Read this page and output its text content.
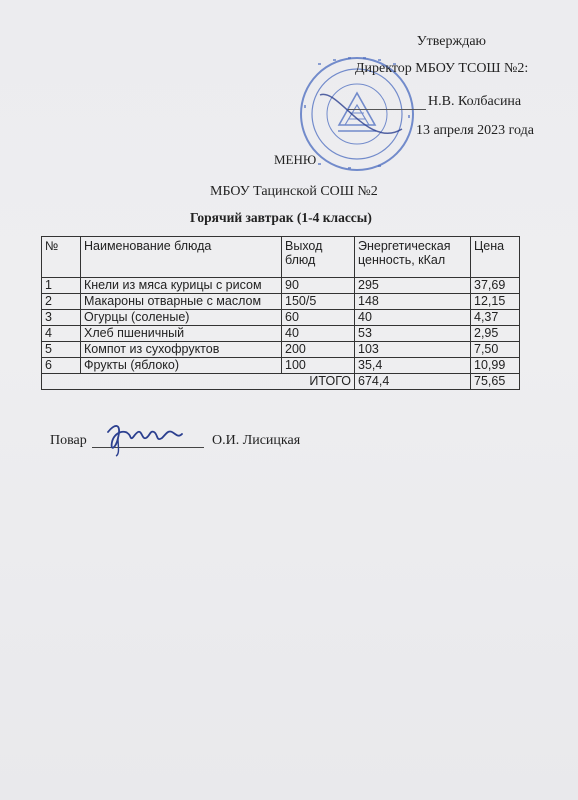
Утверждаю
Директор МБОУ ТСОШ №2:
Н.В. Колбасина
13 апреля 2023 года
МЕНЮ
МБОУ Тацинской СОШ №2
Горячий завтрак (1-4 классы)
№	Наименование блюда	Выход блюд	Энергетическая ценность, кКал	Цена
1	Кнели из мяса курицы с рисом	90	295	37,69
2	Макароны отварные с маслом	150/5	148	12,15
3	Огурцы (соленые)	60	40	4,37
4	Хлеб пшеничный	40	53	2,95
5	Компот из сухофруктов	200	103	7,50
6	Фрукты (яблоко)	100	35,4	10,99
ИТОГО			674,4	75,65
Повар	О.И. Лисицкая
